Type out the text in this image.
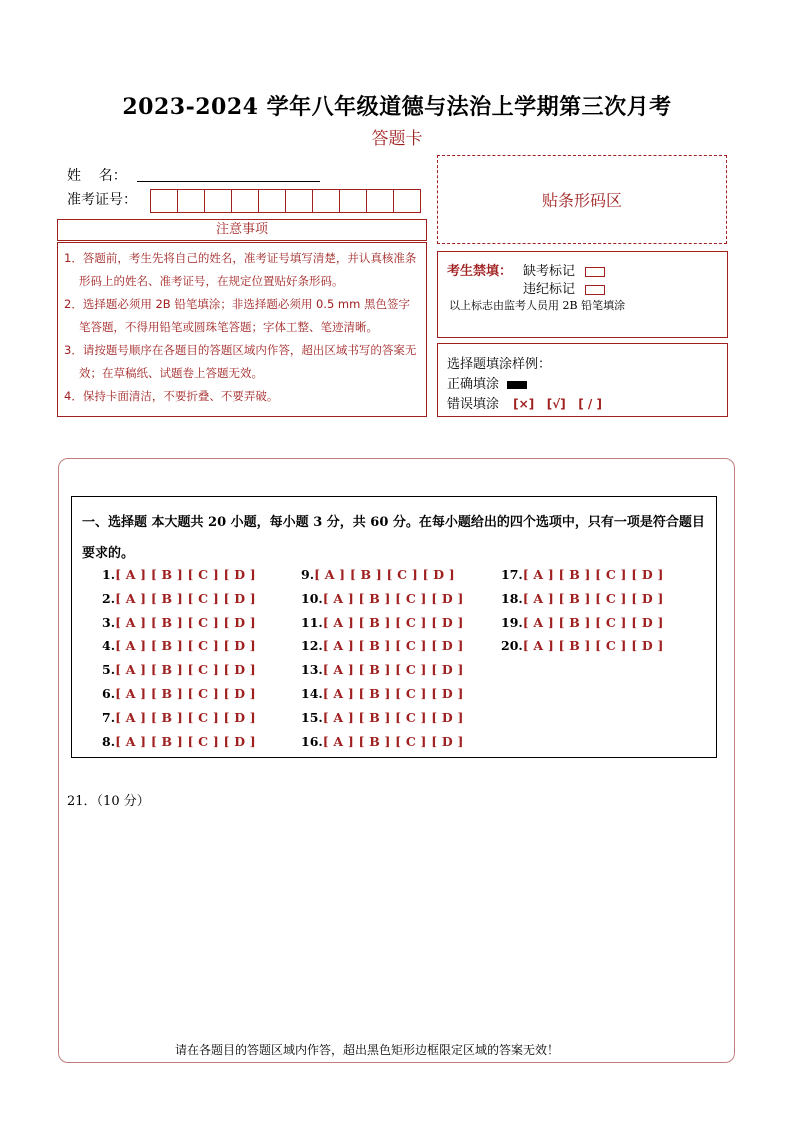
2023-2024 学年八年级道德与法治上学期第三次月考
答题卡
姓    名：
准考证号：	贴条形码区
注意事项
1．答题前，考生先将自己的姓名，准考证号填写清楚，并认真核准条形码上的姓名、准考证号，在规定位置贴好条形码。
2．选择题必须用 2B 铅笔填涂；非选择题必须用 0.5 mm 黑色签字笔答题，不得用铅笔或圆珠笔答题；字体工整、笔迹清晰。
3．请按题号顺序在各题目的答题区域内作答，超出区域书写的答案无效；在草稿纸、试题卷上答题无效。
4．保持卡面清洁，不要折叠、不要弄破。
考生禁填： 缺考标记
违纪标记
以上标志由监考人员用 2B 铅笔填涂
选择题填涂样例：
正确填涂
错误填涂 [×]   [√]   [ / ]
一、选择题 本大题共 20 小题，每小题 3 分，共 60 分。在每小题给出的四个选项中，只有一项是符合题目要求的。
1.[ A ] [ B ] [ C ] [ D ]
2.[ A ] [ B ] [ C ] [ D ]
3.[ A ] [ B ] [ C ] [ D ]
4.[ A ] [ B ] [ C ] [ D ]
5.[ A ] [ B ] [ C ] [ D ]
6.[ A ] [ B ] [ C ] [ D ]
7.[ A ] [ B ] [ C ] [ D ]
8.[ A ] [ B ] [ C ] [ D ]
9.[ A ] [ B ] [ C ] [ D ]
10.[ A ] [ B ] [ C ] [ D ]
11.[ A ] [ B ] [ C ] [ D ]
12.[ A ] [ B ] [ C ] [ D ]
13.[ A ] [ B ] [ C ] [ D ]
14.[ A ] [ B ] [ C ] [ D ]
15.[ A ] [ B ] [ C ] [ D ]
16.[ A ] [ B ] [ C ] [ D ]
17.[ A ] [ B ] [ C ] [ D ]
18.[ A ] [ B ] [ C ] [ D ]
19.[ A ] [ B ] [ C ] [ D ]
20.[ A ] [ B ] [ C ] [ D ]
21．（10 分）
请在各题目的答题区域内作答，超出黑色矩形边框限定区域的答案无效！
